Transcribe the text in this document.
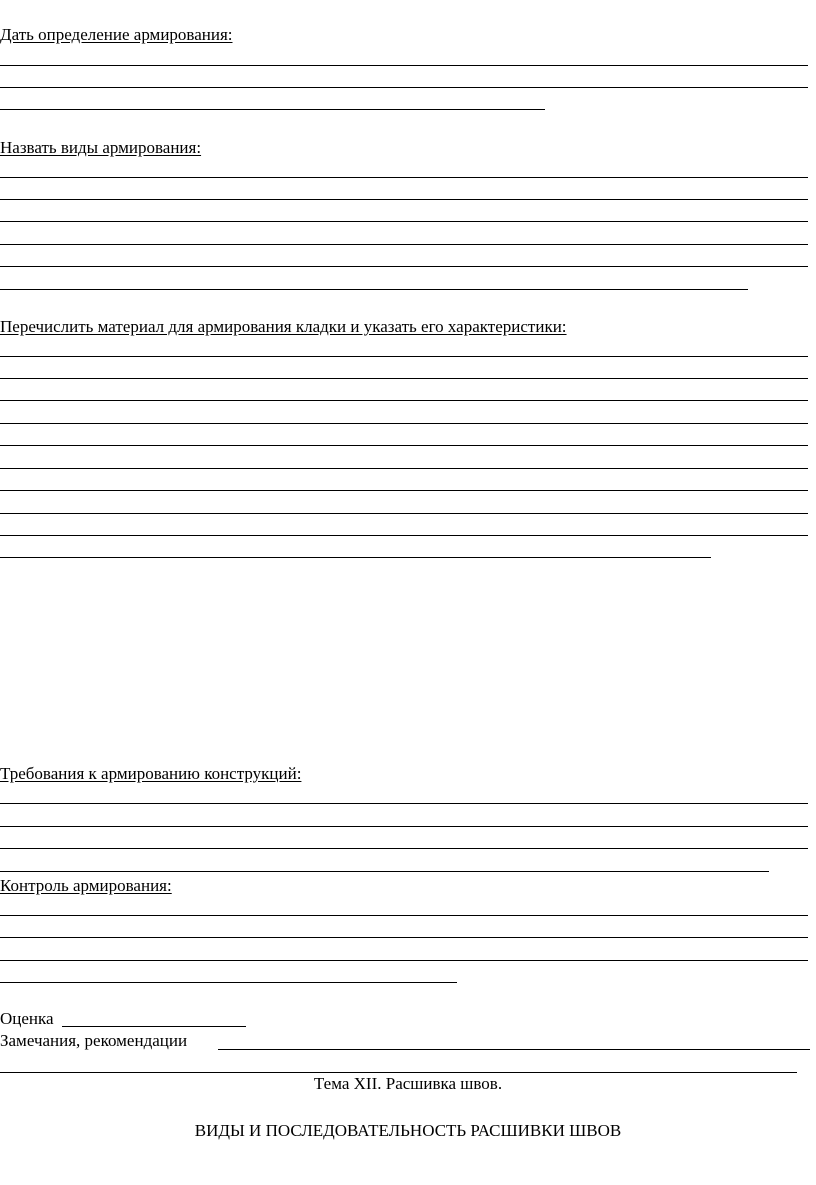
Дать определение армирования:
Назвать виды армирования:
Перечислить материал для армирования кладки и указать его характеристики:
Требования к армированию конструкций:
Контроль армирования:
Оценка
Замечания, рекомендации
Тема XII. Расшивка швов.
ВИДЫ И ПОСЛЕДОВАТЕЛЬНОСТЬ РАСШИВКИ ШВОВ
